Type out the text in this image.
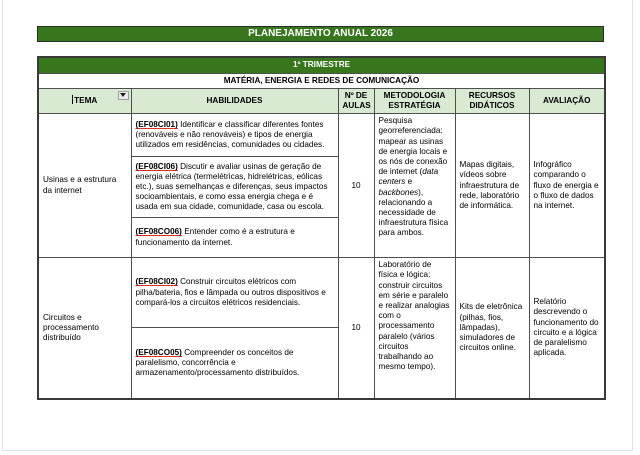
PLANEJAMENTO ANUAL 2026
1º TRIMESTRE					
MATÉRIA, ENERGIA E REDES DE COMUNICAÇÃO					
TEMA	HABILIDADES	Nº DE AULAS	METODOLOGIA ESTRATÉGIA	RECURSOS DIDÁTICOS	AVALIAÇÃO
Usinas e a estrutura da internet	(EF08CI01) Identificar e classificar diferentes fontes (renováveis e não renováveis) e tipos de energia utilizados em residências, comunidades ou cidades.	10	Pesquisa georreferenciada: mapear as usinas de energia locais e os nós de conexão de internet (data centers e backbones), relacionando a necessidade de infraestrutura física para ambos.	Mapas digitais, vídeos sobre infraestrutura de rede, laboratório de informática.	Infográfico comparando o fluxo de energia e o fluxo de dados na internet.
	(EF08CI06) Discutir e avaliar usinas de geração de energia elétrica (termelétricas, hidrelétricas, eólicas etc.), suas semelhanças e diferenças, seus impactos socioambientais, e como essa energia chega e é usada em sua cidade, comunidade, casa ou escola.				
	(EF08CO06) Entender como é a estrutura e funcionamento da internet.				
Circuitos e processamento distribuído	(EF08CI02) Construir circuitos elétricos com pilha/bateria, fios e lâmpada ou outros dispositivos e compará-los a circuitos elétricos residenciais.	10	Laboratório de física e lógica: construir circuitos em série e paralelo e realizar analogias com o processamento paralelo (vários circuitos trabalhando ao mesmo tempo).	Kits de eletrônica (pilhas, fios, lâmpadas), simuladores de circuitos online.	Relatório descrevendo o funcionamento do circuito e a lógica de paralelismo aplicada.
	(EF08CO05) Compreender os conceitos de paralelismo, concorrência e armazenamento/processamento distribuídos.				
